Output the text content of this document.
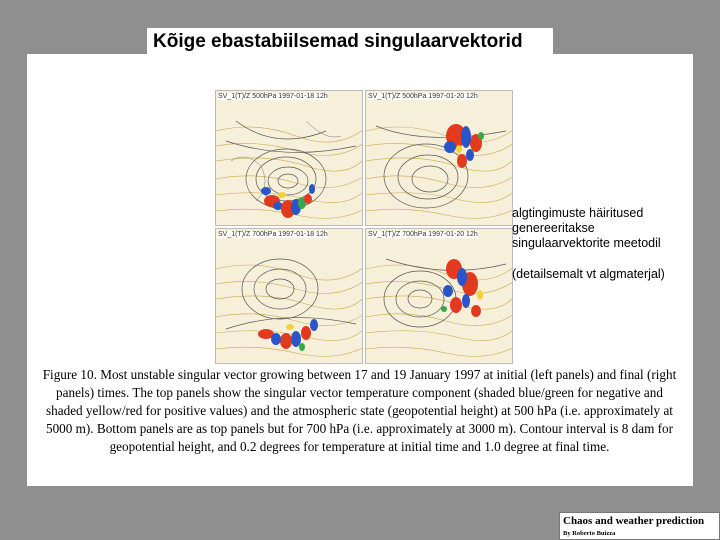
Kõige ebastabiilsemad singulaarvektorid
SV_1(T)/Z 500hPa 1997-01-18 12h	SV_1(T)/Z 500hPa 1997-01-20 12h
SV_1(T)/Z 700hPa 1997-01-18 12h	SV_1(T)/Z 700hPa 1997-01-20 12h

algtingimuste häiritused genereeritakse singulaarvektorite meetodil

(detailsemalt vt algmaterjal)

Figure 10. Most unstable singular vector growing between 17 and 19 January 1997 at initial (left panels) and final (right panels) times. The top panels show the singular vector temperature component (shaded blue/green for negative and shaded yellow/red for positive values) and the atmospheric state (geopotential height) at 500 hPa (i.e. approximately at 5000 m). Bottom panels are as top panels but for 700 hPa (i.e. approximately at 3000 m). Contour interval is 8 dam for geopotential height, and 0.2 degrees for temperature at initial time and 1.0 degree at final time.
Chaos and weather prediction
By Roberto Buizza
